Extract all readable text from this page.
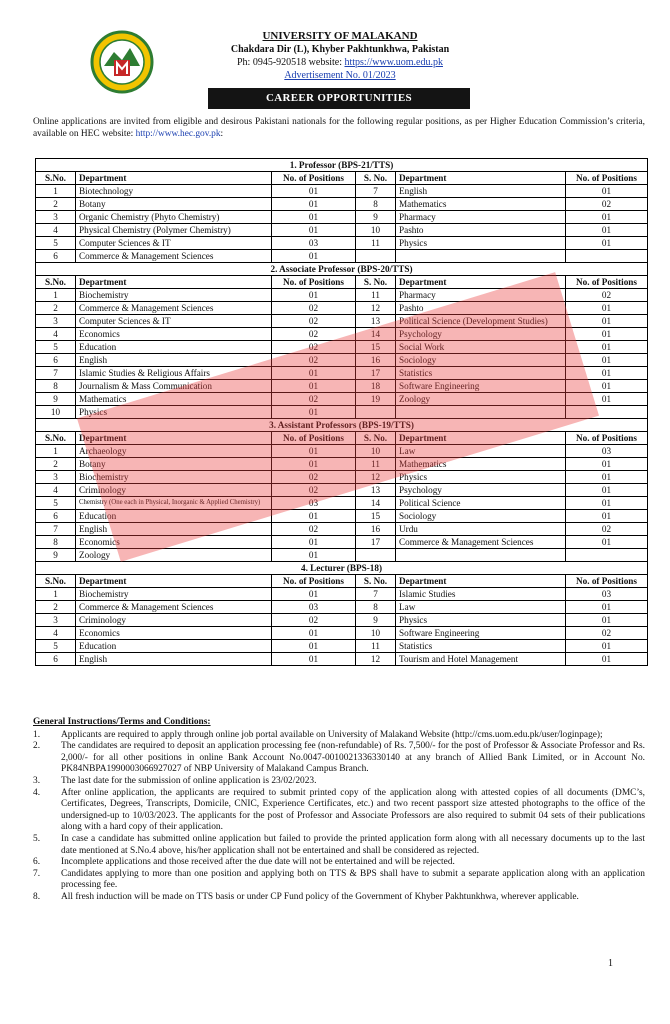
UNIVERSITY OF MALAKAND
Chakdara Dir (L), Khyber Pakhtunkhwa, Pakistan
Ph: 0945-920518 website: https://www.uom.edu.pk
Advertisement No. 01/2023
CAREER OPPORTUNITIES
Online applications are invited from eligible and desirous Pakistani nationals for the following regular positions, as per Higher Education Commission’s criteria, available on HEC website: http://www.hec.gov.pk:
1. Professor (BPS-21/TTS)					
S.No.	Department	No. of Positions	S. No.	Department	No. of Positions
1	Biotechnology	01	7	English	01
2	Botany	01	8	Mathematics	02
3	Organic Chemistry (Phyto Chemistry)	01	9	Pharmacy	01
4	Physical Chemistry (Polymer Chemistry)	01	10	Pashto	01
5	Computer Sciences & IT	03	11	Physics	01
6	Commerce & Management Sciences	01			
2. Associate Professor (BPS-20/TTS)					
S.No.	Department	No. of Positions	S. No.	Department	No. of Positions
1	Biochemistry	01	11	Pharmacy	02
2	Commerce & Management Sciences	02	12	Pashto	01
3	Computer Sciences & IT	02	13	Political Science (Development Studies)	01
4	Economics	02	14	Psychology	01
5	Education	02	15	Social Work	01
6	English	02	16	Sociology	01
7	Islamic Studies & Religious Affairs	01	17	Statistics	01
8	Journalism & Mass Communication	01	18	Software Engineering	01
9	Mathematics	02	19	Zoology	01
10	Physics	01			
3. Assistant Professors (BPS-19/TTS)					
S.No.	Department	No. of Positions	S. No.	Department	No. of Positions
1	Archaeology	01	10	Law	03
2	Botany	01	11	Mathematics	01
3	Biochemistry	02	12	Physics	01
4	Criminology	02	13	Psychology	01
5	Chemistry (One each in Physical, Inorganic & Applied Chemistry)	03	14	Political Science	01
6	Education	01	15	Sociology	01
7	English	02	16	Urdu	02
8	Economics	01	17	Commerce & Management Sciences	01
9	Zoology	01			
4. Lecturer (BPS-18)					
S.No.	Department	No. of Positions	S. No.	Department	No. of Positions
1	Biochemistry	01	7	Islamic Studies	03
2	Commerce & Management Sciences	03	8	Law	01
3	Criminology	02	9	Physics	01
4	Economics	01	10	Software Engineering	02
5	Education	01	11	Statistics	01
6	English	01	12	Tourism and Hotel Management	01
General Instructions/Terms and Conditions:
1.	Applicants are required to apply through online job portal available on University of Malakand Website (http://cms.uom.edu.pk/user/loginpage);
2.	The candidates are required to deposit an application processing fee (non-refundable) of Rs. 7,500/- for the post of Professor & Associate Professor and Rs. 2,000/- for all other positions in online Bank Account No.0047-0010021336330140 at any branch of Allied Bank Limited, or in Account No. PK84NBPA1990003066927027 of NBP University of Malakand Campus Branch.
3.	The last date for the submission of online application is 23/02/2023.
4.	After online application, the applicants are required to submit printed copy of the application along with attested copies of all documents (DMC’s, Certificates, Degrees, Transcripts, Domicile, CNIC, Experience Certificates, etc.) and two recent passport size attested photographs to the office of the undersigned-up to 10/03/2023. The applicants for the post of Professor and Associate Professors are also required to submit 04 sets of their publications along with a hard copy of their application.
5.	In case a candidate has submitted online application but failed to provide the printed application form along with all necessary documents up to the last date mentioned at S.No.4 above, his/her application shall not be entertained and shall be considered as rejected.
6.	Incomplete applications and those received after the due date will not be entertained and will be rejected.
7.	Candidates applying to more than one position and applying both on TTS & BPS shall have to submit a separate application along with an application processing fee.
8.	All fresh induction will be made on TTS basis or under CP Fund policy of the Government of Khyber Pakhtunkhwa, wherever applicable.
1
